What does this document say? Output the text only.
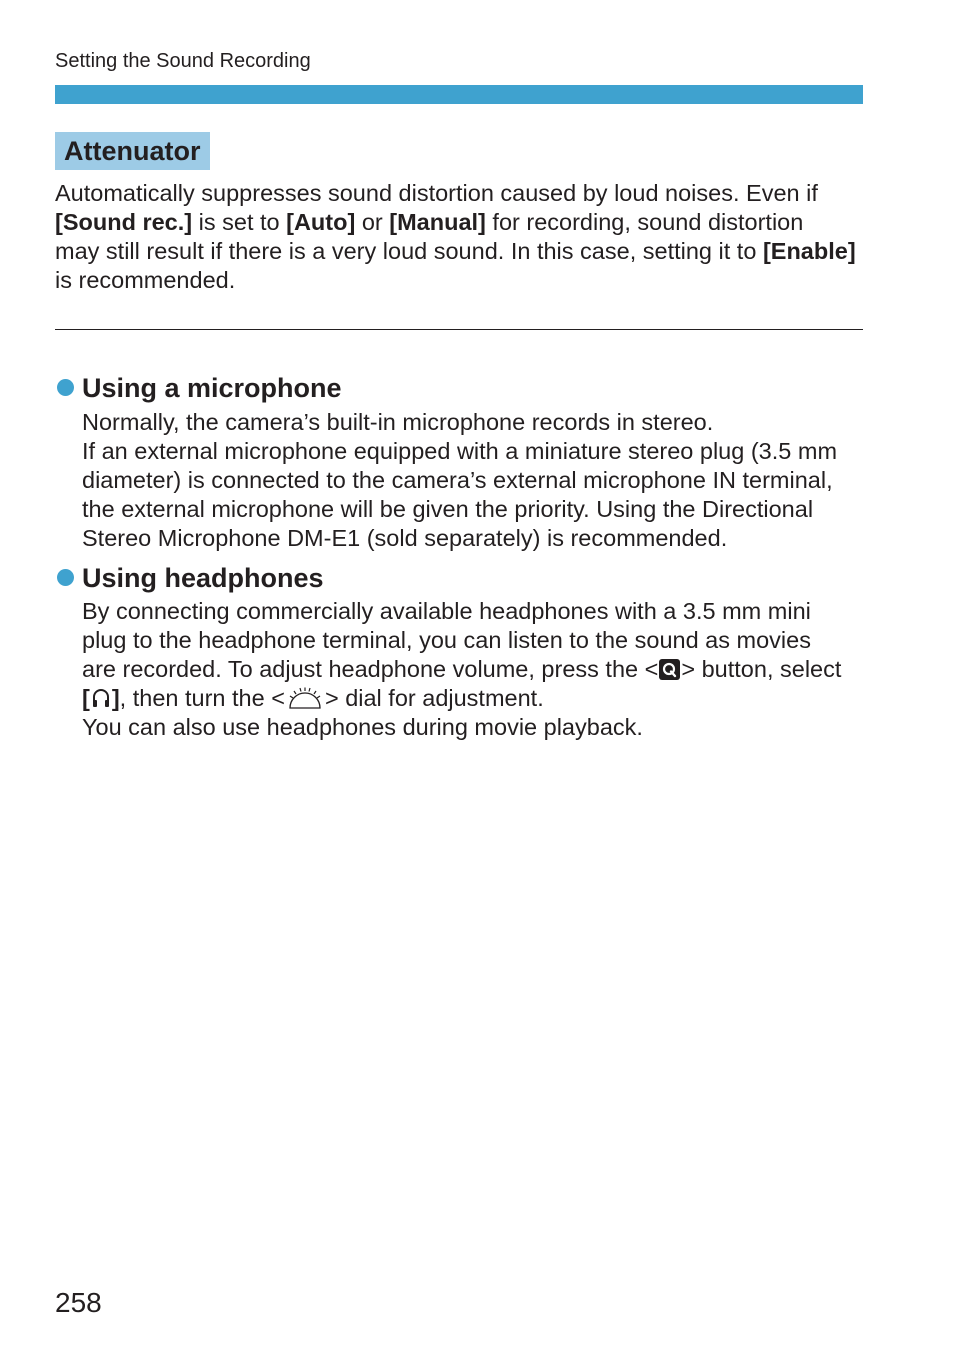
Setting the Sound Recording
Attenuator
Automatically suppresses sound distortion caused by loud noises. Even if
[Sound rec.] is set to [Auto] or [Manual] for recording, sound distortion
may still result if there is a very loud sound. In this case, setting it to [Enable]
is recommended.
Using a microphone
Normally, the camera’s built-in microphone records in stereo.
If an external microphone equipped with a miniature stereo plug (3.5 mm
diameter) is connected to the camera’s external microphone IN terminal,
the external microphone will be given the priority. Using the Directional
Stereo Microphone DM-E1 (sold separately) is recommended.
Using headphones
By connecting commercially available headphones with a 3.5 mm mini
plug to the headphone terminal, you can listen to the sound as movies
are recorded. To adjust headphone volume, press the < > button, select
[ ], then turn the < > dial for adjustment.
You can also use headphones during movie playback.
258
